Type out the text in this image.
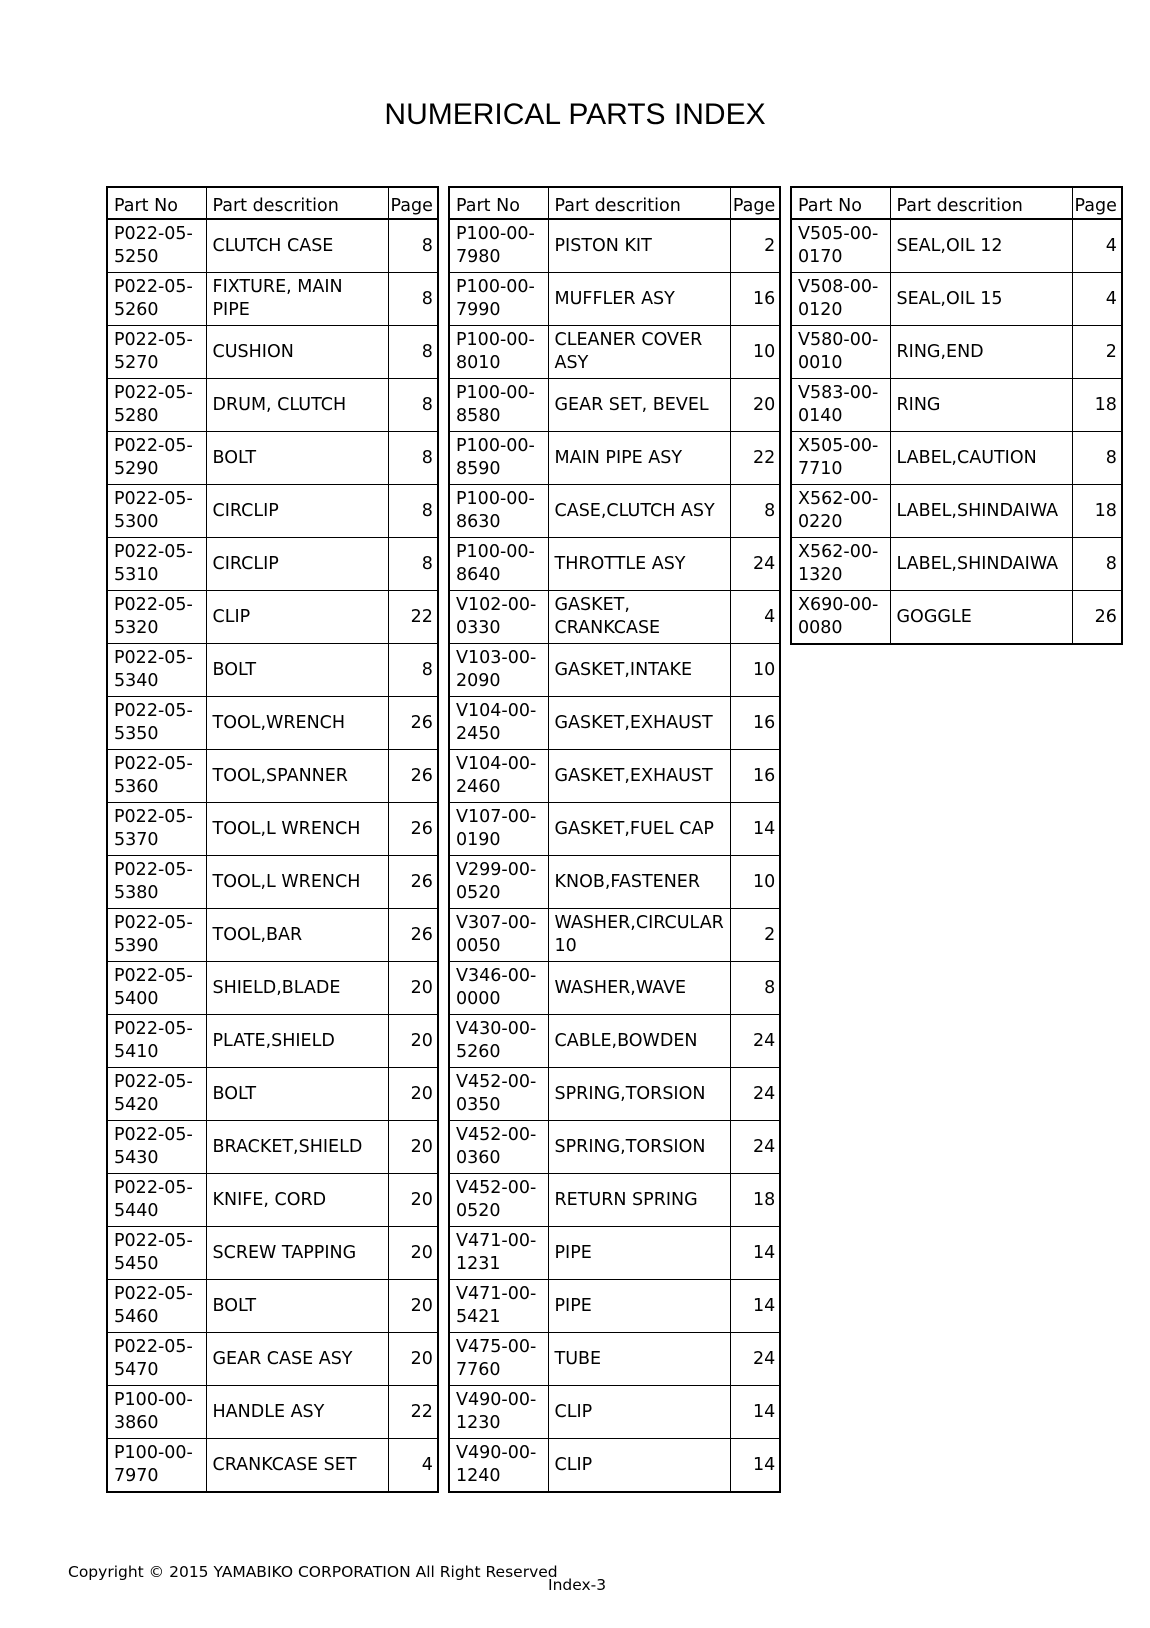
NUMERICAL PARTS INDEX
Part No	Part descrition	Page
P022-05-5250	CLUTCH CASE	8
P022-05-5260	FIXTURE, MAIN PIPE	8
P022-05-5270	CUSHION	8
P022-05-5280	DRUM, CLUTCH	8
P022-05-5290	BOLT	8
P022-05-5300	CIRCLIP	8
P022-05-5310	CIRCLIP	8
P022-05-5320	CLIP	22
P022-05-5340	BOLT	8
P022-05-5350	TOOL,WRENCH	26
P022-05-5360	TOOL,SPANNER	26
P022-05-5370	TOOL,L WRENCH	26
P022-05-5380	TOOL,L WRENCH	26
P022-05-5390	TOOL,BAR	26
P022-05-5400	SHIELD,BLADE	20
P022-05-5410	PLATE,SHIELD	20
P022-05-5420	BOLT	20
P022-05-5430	BRACKET,SHIELD	20
P022-05-5440	KNIFE, CORD	20
P022-05-5450	SCREW TAPPING	20
P022-05-5460	BOLT	20
P022-05-5470	GEAR CASE ASY	20
P100-00-3860	HANDLE ASY	22
P100-00-7970	CRANKCASE SET	4
Part No	Part descrition	Page
P100-00-7980	PISTON KIT	2
P100-00-7990	MUFFLER ASY	16
P100-00-8010	CLEANER COVER ASY	10
P100-00-8580	GEAR SET, BEVEL	20
P100-00-8590	MAIN PIPE ASY	22
P100-00-8630	CASE,CLUTCH ASY	8
P100-00-8640	THROTTLE ASY	24
V102-00-0330	GASKET, CRANKCASE	4
V103-00-2090	GASKET,INTAKE	10
V104-00-2450	GASKET,EXHAUST	16
V104-00-2460	GASKET,EXHAUST	16
V107-00-0190	GASKET,FUEL CAP	14
V299-00-0520	KNOB,FASTENER	10
V307-00-0050	WASHER,CIRCULAR 10	2
V346-00-0000	WASHER,WAVE	8
V430-00-5260	CABLE,BOWDEN	24
V452-00-0350	SPRING,TORSION	24
V452-00-0360	SPRING,TORSION	24
V452-00-0520	RETURN SPRING	18
V471-00-1231	PIPE	14
V471-00-5421	PIPE	14
V475-00-7760	TUBE	24
V490-00-1230	CLIP	14
V490-00-1240	CLIP	14
Part No	Part descrition	Page
V505-00-0170	SEAL,OIL 12	4
V508-00-0120	SEAL,OIL 15	4
V580-00-0010	RING,END	2
V583-00-0140	RING	18
X505-00-7710	LABEL,CAUTION	8
X562-00-0220	LABEL,SHINDAIWA	18
X562-00-1320	LABEL,SHINDAIWA	8
X690-00-0080	GOGGLE	26
Copyright © 2015 YAMABIKO CORPORATION All Right Reserved
Index-3
